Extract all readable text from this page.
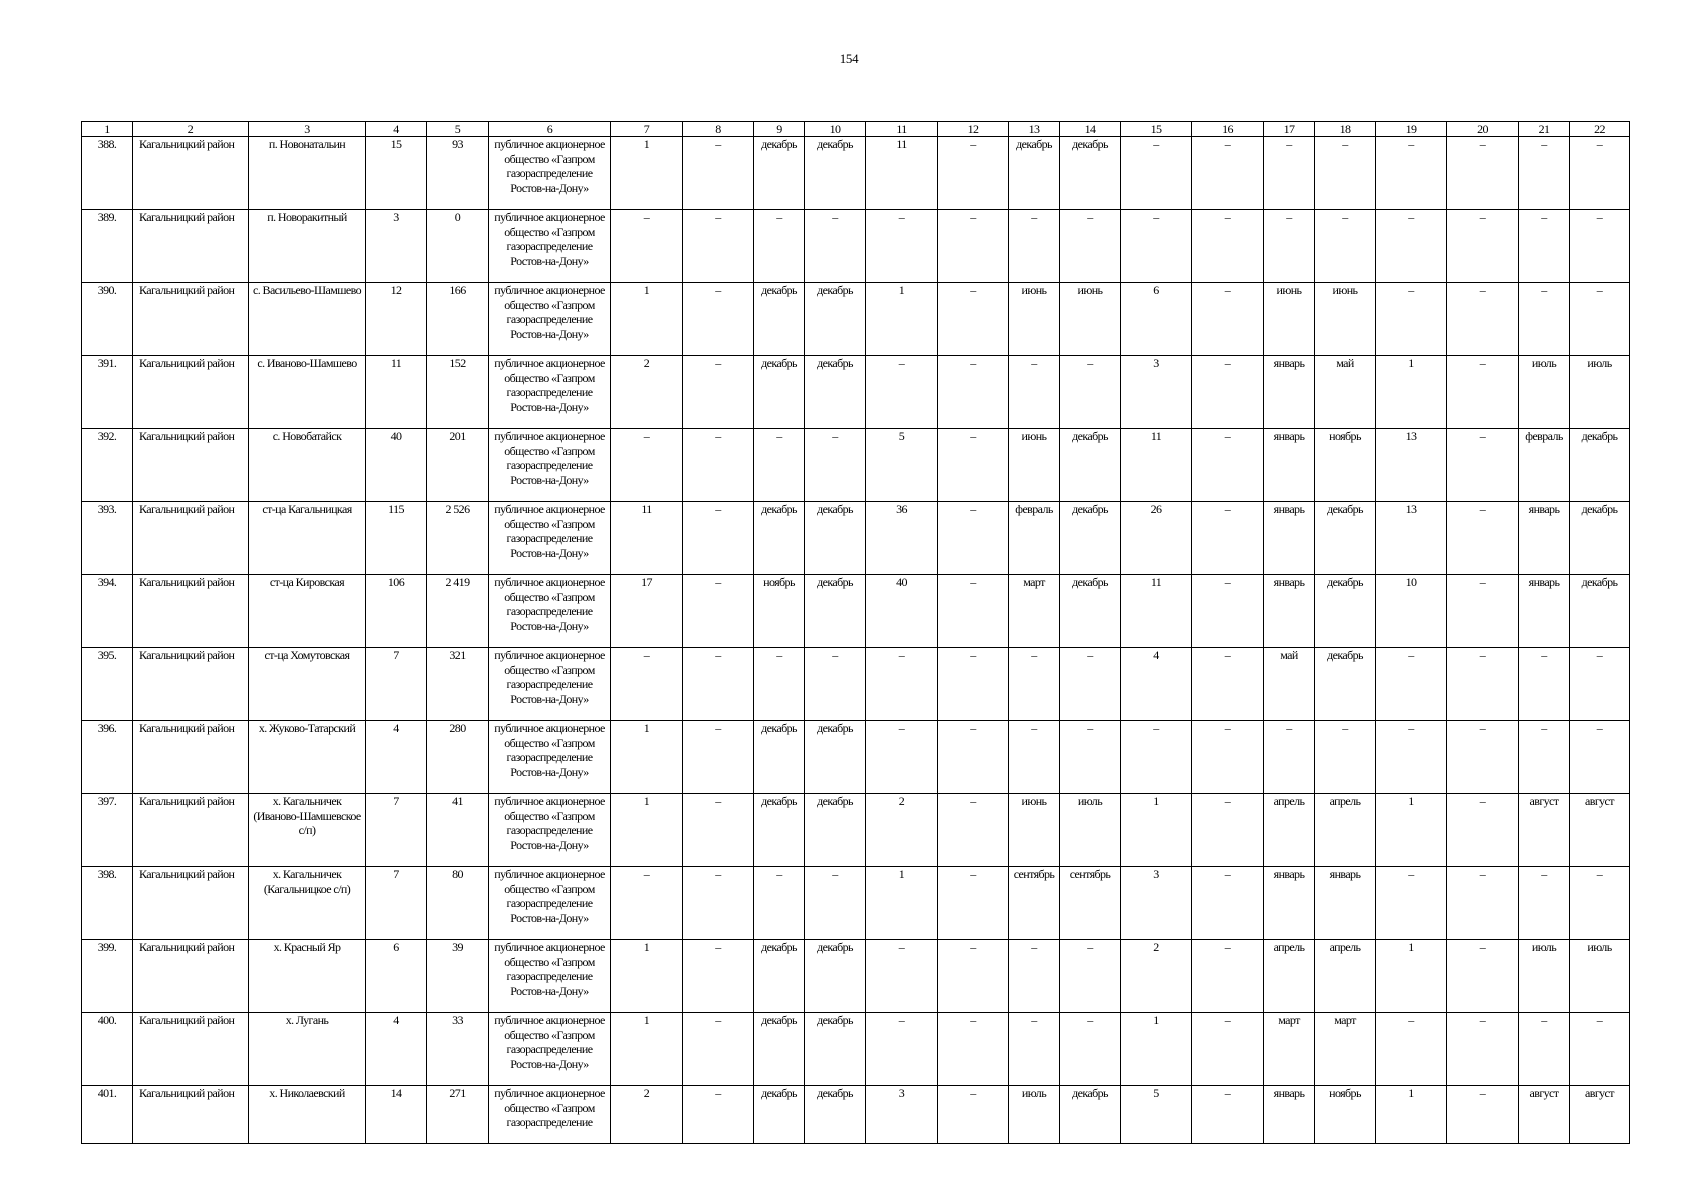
154
1	2	3	4	5	6	7	8	9	10	11	12	13	14	15	16	17	18	19	20	21	22
388.	Кагальницкий район	п. Новонатальин	15	93	публичное акционерное общество «Газпром газораспределение Ростов-на-Дону»	1	–	декабрь	декабрь	11	–	декабрь	декабрь	–	–	–	–	–	–	–	–
389.	Кагальницкий район	п. Новоракитный	3	0	публичное акционерное общество «Газпром газораспределение Ростов-на-Дону»	–	–	–	–	–	–	–	–	–	–	–	–	–	–	–	–
390.	Кагальницкий район	с. Васильево-Шамшево	12	166	публичное акционерное общество «Газпром газораспределение Ростов-на-Дону»	1	–	декабрь	декабрь	1	–	июнь	июнь	6	–	июнь	июнь	–	–	–	–
391.	Кагальницкий район	с. Иваново-Шамшево	11	152	публичное акционерное общество «Газпром газораспределение Ростов-на-Дону»	2	–	декабрь	декабрь	–	–	–	–	3	–	январь	май	1	–	июль	июль
392.	Кагальницкий район	с. Новобатайск	40	201	публичное акционерное общество «Газпром газораспределение Ростов-на-Дону»	–	–	–	–	5	–	июнь	декабрь	11	–	январь	ноябрь	13	–	февраль	декабрь
393.	Кагальницкий район	ст-ца Кагальницкая	115	2 526	публичное акционерное общество «Газпром газораспределение Ростов-на-Дону»	11	–	декабрь	декабрь	36	–	февраль	декабрь	26	–	январь	декабрь	13	–	январь	декабрь
394.	Кагальницкий район	ст-ца Кировская	106	2 419	публичное акционерное общество «Газпром газораспределение Ростов-на-Дону»	17	–	ноябрь	декабрь	40	–	март	декабрь	11	–	январь	декабрь	10	–	январь	декабрь
395.	Кагальницкий район	ст-ца Хомутовская	7	321	публичное акционерное общество «Газпром газораспределение Ростов-на-Дону»	–	–	–	–	–	–	–	–	4	–	май	декабрь	–	–	–	–
396.	Кагальницкий район	х. Жуково-Татарский	4	280	публичное акционерное общество «Газпром газораспределение Ростов-на-Дону»	1	–	декабрь	декабрь	–	–	–	–	–	–	–	–	–	–	–	–
397.	Кагальницкий район	х. Кагальничек (Иваново-Шамшевское с/п)	7	41	публичное акционерное общество «Газпром газораспределение Ростов-на-Дону»	1	–	декабрь	декабрь	2	–	июнь	июль	1	–	апрель	апрель	1	–	август	август
398.	Кагальницкий район	х. Кагальничек (Кагальницкое с/п)	7	80	публичное акционерное общество «Газпром газораспределение Ростов-на-Дону»	–	–	–	–	1	–	сентябрь	сентябрь	3	–	январь	январь	–	–	–	–
399.	Кагальницкий район	х. Красный Яр	6	39	публичное акционерное общество «Газпром газораспределение Ростов-на-Дону»	1	–	декабрь	декабрь	–	–	–	–	2	–	апрель	апрель	1	–	июль	июль
400.	Кагальницкий район	х. Лугань	4	33	публичное акционерное общество «Газпром газораспределение Ростов-на-Дону»	1	–	декабрь	декабрь	–	–	–	–	1	–	март	март	–	–	–	–
401.	Кагальницкий район	х. Николаевский	14	271	публичное акционерное общество «Газпром газораспределение	2	–	декабрь	декабрь	3	–	июль	декабрь	5	–	январь	ноябрь	1	–	август	август
